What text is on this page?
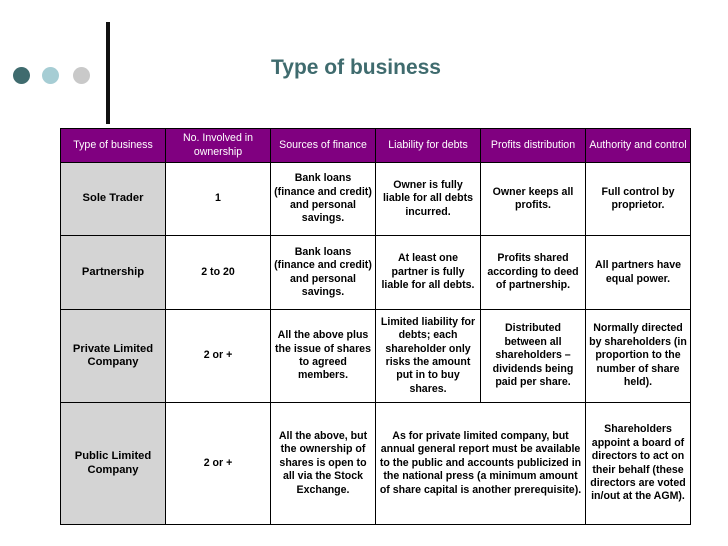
Type of business
Type of business	No. Involved in ownership	Sources of finance	Liability for debts	Profits distribution	Authority and control
Sole Trader	1	Bank loans (finance and credit) and personal savings.	Owner is fully liable for all debts incurred.	Owner keeps all profits.	Full control by proprietor.
Partnership	2 to 20	Bank loans (finance and credit) and personal savings.	At least one partner is fully liable for all debts.	Profits shared according to deed of partnership.	All partners have equal power.
Private Limited Company	2 or +	All the above plus the issue of shares to agreed members.	Limited liability for debts; each shareholder only risks the amount put in to buy shares.	Distributed between all shareholders – dividends being paid per share.	Normally directed by shareholders (in proportion to the number of share held).
Public Limited Company	2 or +	All the above, but the ownership of shares is open to all via the Stock Exchange.	As for private limited company, but annual general report must be available to the public and accounts publicized in the national press (a minimum amount of share capital is another prerequisite).		Shareholders appoint a board of directors to act on their behalf (these directors are voted in/out at the AGM).
